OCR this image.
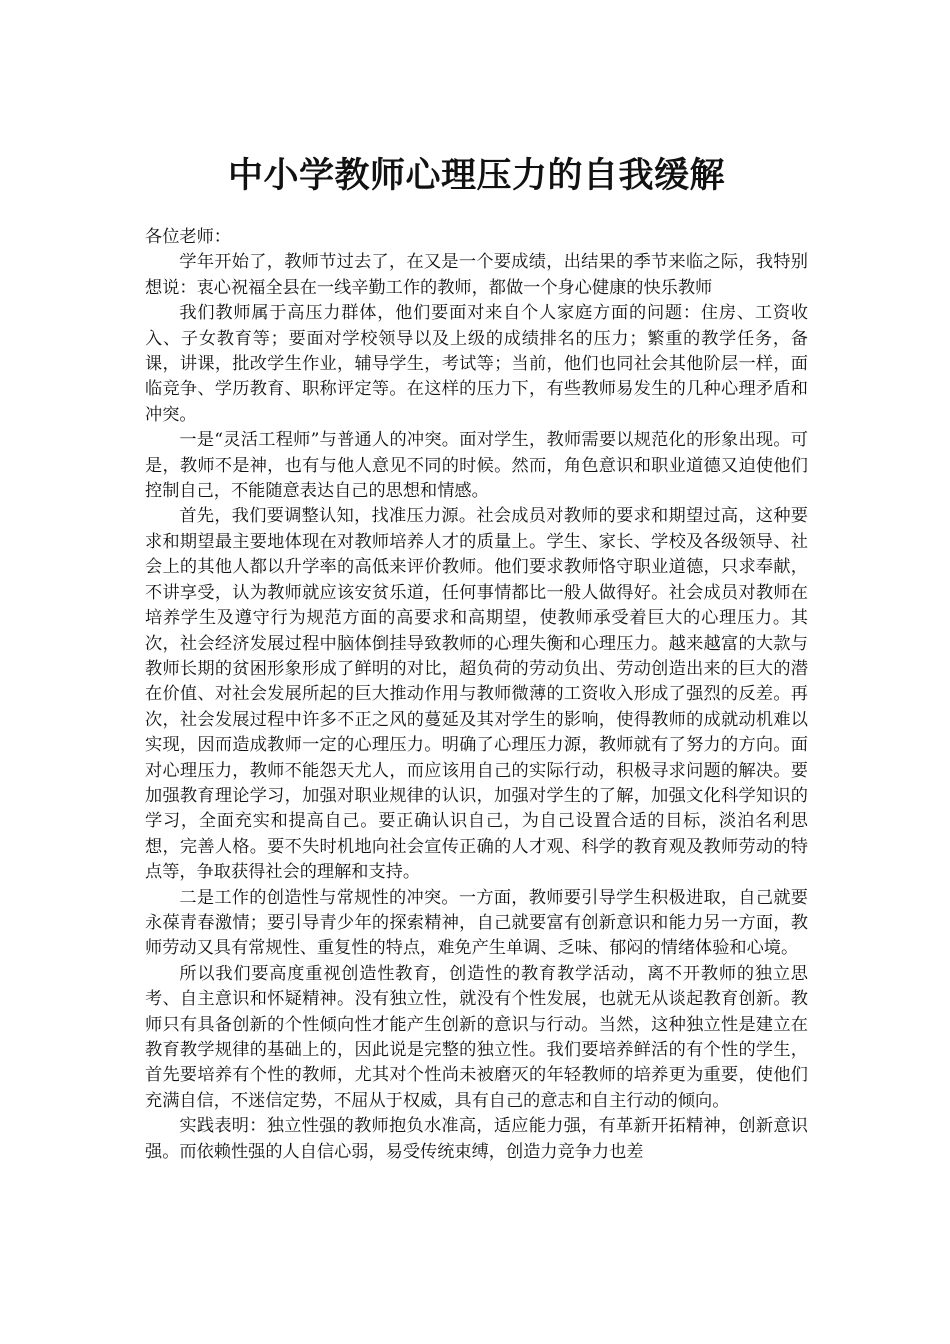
中小学教师心理压力的自我缓解

各位老师：

学年开始了，教师节过去了，在又是一个要成绩，出结果的季节来临之际，我特别想说：衷心祝福全县在一线辛勤工作的教师，都做一个身心健康的快乐教师

我们教师属于高压力群体，他们要面对来自个人家庭方面的问题：住房、工资收入、子女教育等；要面对学校领导以及上级的成绩排名的压力；繁重的教学任务，备课，讲课，批改学生作业，辅导学生，考试等；当前，他们也同社会其他阶层一样，面临竞争、学历教育、职称评定等。在这样的压力下，有些教师易发生的几种心理矛盾和冲突。

一是“灵活工程师”与普通人的冲突。面对学生，教师需要以规范化的形象出现。可是，教师不是神，也有与他人意见不同的时候。然而，角色意识和职业道德又迫使他们控制自己，不能随意表达自己的思想和情感。

首先，我们要调整认知，找准压力源。社会成员对教师的要求和期望过高，这种要求和期望最主要地体现在对教师培养人才的质量上。学生、家长、学校及各级领导、社会上的其他人都以升学率的高低来评价教师。他们要求教师恪守职业道德，只求奉献，不讲享受，认为教师就应该安贫乐道，任何事情都比一般人做得好。社会成员对教师在培养学生及遵守行为规范方面的高要求和高期望，使教师承受着巨大的心理压力。其次，社会经济发展过程中脑体倒挂导致教师的心理失衡和心理压力。越来越富的大款与教师长期的贫困形象形成了鲜明的对比，超负荷的劳动负出、劳动创造出来的巨大的潜在价值、对社会发展所起的巨大推动作用与教师微薄的工资收入形成了强烈的反差。再次，社会发展过程中许多不正之风的蔓延及其对学生的影响，使得教师的成就动机难以实现，因而造成教师一定的心理压力。明确了心理压力源，教师就有了努力的方向。面对心理压力，教师不能怨天尤人，而应该用自己的实际行动，积极寻求问题的解决。要加强教育理论学习，加强对职业规律的认识，加强对学生的了解，加强文化科学知识的学习，全面充实和提高自己。要正确认识自己，为自己设置合适的目标，淡泊名利思想，完善人格。要不失时机地向社会宣传正确的人才观、科学的教育观及教师劳动的特点等，争取获得社会的理解和支持。

二是工作的创造性与常规性的冲突。一方面，教师要引导学生积极进取，自己就要永葆青春激情；要引导青少年的探索精神，自己就要富有创新意识和能力另一方面，教师劳动又具有常规性、重复性的特点，难免产生单调、乏味、郁闷的情绪体验和心境。

所以我们要高度重视创造性教育，创造性的教育教学活动，离不开教师的独立思考、自主意识和怀疑精神。没有独立性，就没有个性发展，也就无从谈起教育创新。教师只有具备创新的个性倾向性才能产生创新的意识与行动。当然，这种独立性是建立在教育教学规律的基础上的，因此说是完整的独立性。我们要培养鲜活的有个性的学生，首先要培养有个性的教师，尤其对个性尚未被磨灭的年轻教师的培养更为重要，使他们充满自信，不迷信定势，不屈从于权威，具有自己的意志和自主行动的倾向。

实践表明：独立性强的教师抱负水准高，适应能力强，有革新开拓精神，创新意识强。而依赖性强的人自信心弱，易受传统束缚，创造力竞争力也差
